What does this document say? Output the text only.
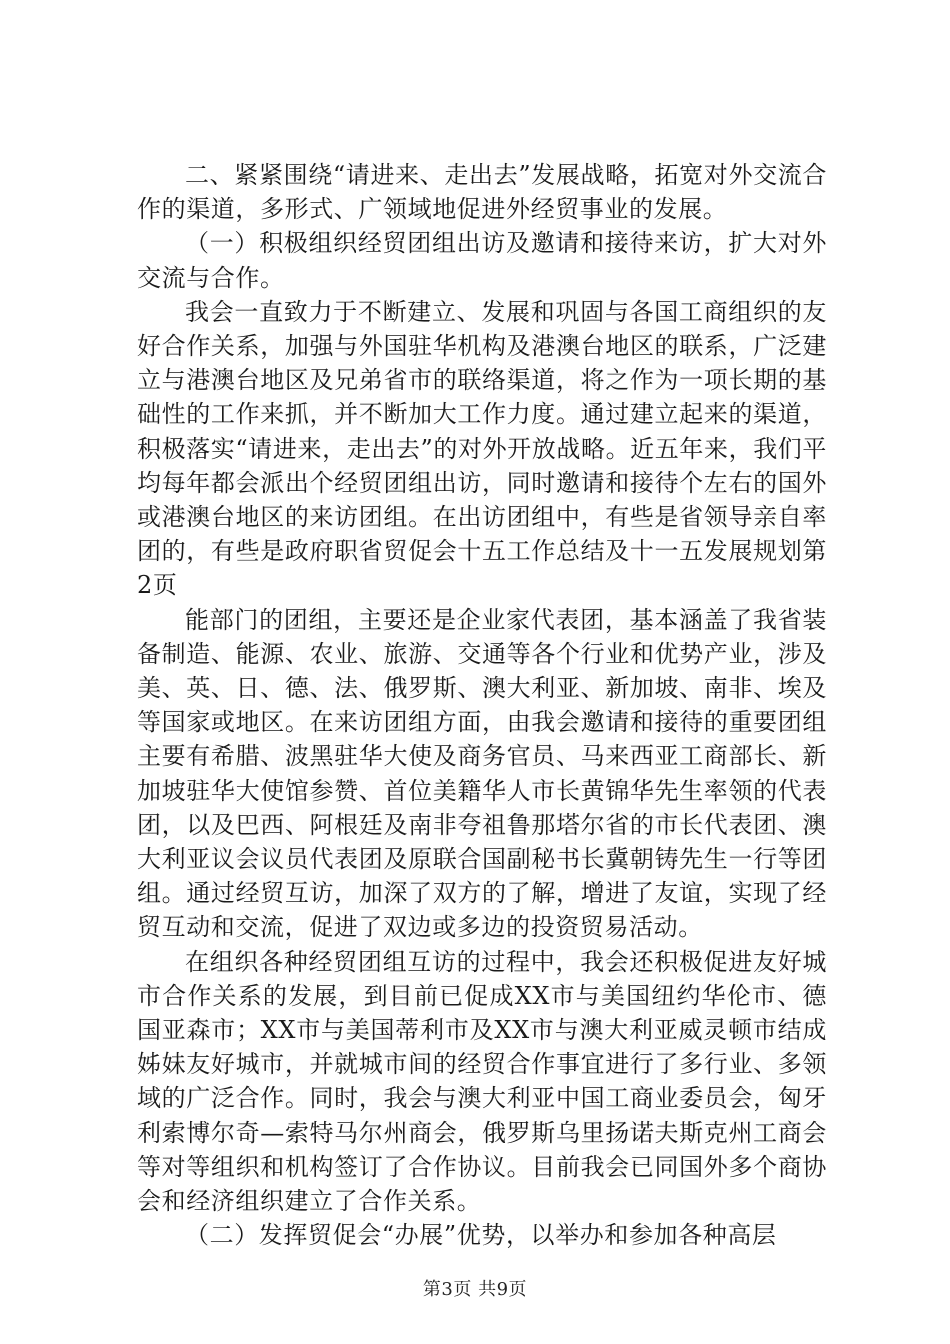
二、紧紧围绕“请进来、走出去”发展战略，拓宽对外交流合作的渠道，多形式、广领域地促进外经贸事业的发展。

（一）积极组织经贸团组出访及邀请和接待来访，扩大对外交流与合作。

我会一直致力于不断建立、发展和巩固与各国工商组织的友好合作关系，加强与外国驻华机构及港澳台地区的联系，广泛建立与港澳台地区及兄弟省市的联络渠道，将之作为一项长期的基础性的工作来抓，并不断加大工作力度。通过建立起来的渠道，积极落实“请进来，走出去”的对外开放战略。近五年来，我们平均每年都会派出个经贸团组出访，同时邀请和接待个左右的国外或港澳台地区的来访团组。在出访团组中，有些是省领导亲自率团的，有些是政府职省贸促会十五工作总结及十一五发展规划第2页

能部门的团组，主要还是企业家代表团，基本涵盖了我省装备制造、能源、农业、旅游、交通等各个行业和优势产业，涉及美、英、日、德、法、俄罗斯、澳大利亚、新加坡、南非、埃及等国家或地区。在来访团组方面，由我会邀请和接待的重要团组主要有希腊、波黑驻华大使及商务官员、马来西亚工商部长、新加坡驻华大使馆参赞、首位美籍华人市长黄锦华先生率领的代表团，以及巴西、阿根廷及南非夸祖鲁那塔尔省的市长代表团、澳大利亚议会议员代表团及原联合国副秘书长冀朝铸先生一行等团组。通过经贸互访，加深了双方的了解，增进了友谊，实现了经贸互动和交流，促进了双边或多边的投资贸易活动。

在组织各种经贸团组互访的过程中，我会还积极促进友好城市合作关系的发展，到目前已促成XX市与美国纽约华伦市、德国亚森市；XX市与美国蒂利市及XX市与澳大利亚威灵顿市结成姊妹友好城市，并就城市间的经贸合作事宜进行了多行业、多领域的广泛合作。同时，我会与澳大利亚中国工商业委员会，匈牙利索博尔奇—索特马尔州商会，俄罗斯乌里扬诺夫斯克州工商会等对等组织和机构签订了合作协议。目前我会已同国外多个商协会和经济组织建立了合作关系。

（二）发挥贸促会“办展”优势，以举办和参加各种高层

第3页 共9页
